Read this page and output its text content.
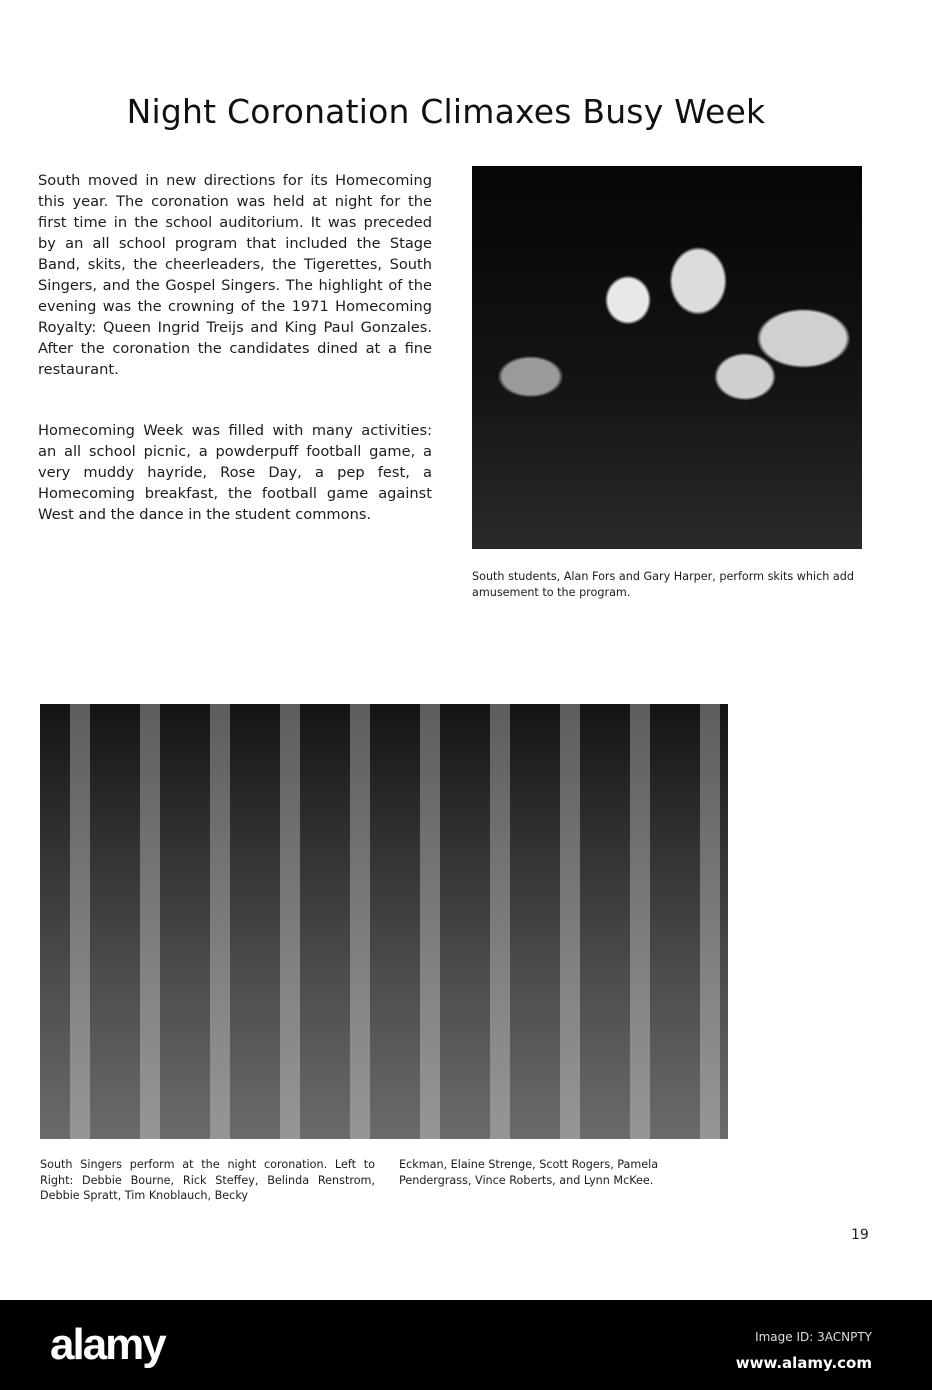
Night Coronation Climaxes Busy Week
South moved in new directions for its Homecoming this year. The coronation was held at night for the first time in the school auditorium. It was preceded by an all school program that included the Stage Band, skits, the cheerleaders, the Tigerettes, South Singers, and the Gospel Singers. The highlight of the evening was the crowning of the 1971 Homecoming Royalty: Queen Ingrid Treijs and King Paul Gonzales. After the coronation the candidates dined at a fine restaurant.
Homecoming Week was filled with many activities: an all school picnic, a powderpuff football game, a very muddy hayride, Rose Day, a pep fest, a Homecoming breakfast, the football game against West and the dance in the student commons.
South students, Alan Fors and Gary Harper, perform skits which add amusement to the program.
South Singers perform at the night coronation. Left to Right: Debbie Bourne, Rick Steffey, Belinda Renstrom, Debbie Spratt, Tim Knoblauch, Becky
Eckman, Elaine Strenge, Scott Rogers, Pamela Pendergrass, Vince Roberts, and Lynn McKee.
19
alamy	Image ID: 3ACNPTY
www.alamy.com
